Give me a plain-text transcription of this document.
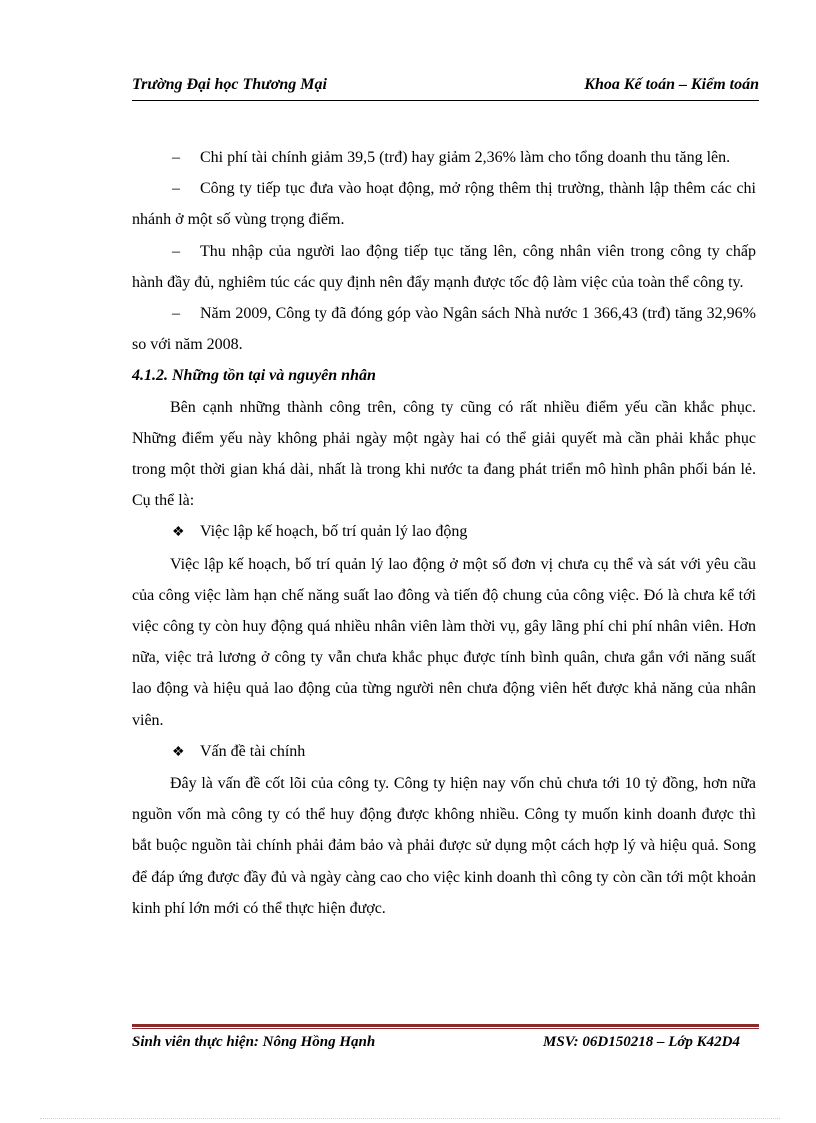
Trường Đại học Thương Mại	Khoa Kế toán – Kiểm toán

– Chi phí tài chính giảm 39,5 (trđ) hay giảm 2,36% làm cho tổng doanh thu tăng lên.

– Công ty tiếp tục đưa vào hoạt động, mở rộng thêm thị trường, thành lập thêm các chi nhánh ở một số vùng trọng điểm.

– Thu nhập của người lao động tiếp tục tăng lên, công nhân viên trong công ty chấp hành đầy đủ, nghiêm túc các quy định nên đẩy mạnh được tốc độ làm việc của toàn thể công ty.

– Năm 2009, Công ty đã đóng góp vào Ngân sách Nhà nước 1 366,43 (trđ) tăng 32,96% so với năm 2008.

4.1.2. Những tồn tại và nguyên nhân

Bên cạnh những thành công trên, công ty cũng có rất nhiều điểm yếu cần khắc phục. Những điểm yếu này không phải ngày một ngày hai có thể giải quyết mà cần phải khắc phục trong một thời gian khá dài, nhất là trong khi nước ta đang phát triển mô hình phân phối bán lẻ. Cụ thể là:

❖ Việc lập kế hoạch, bố trí quản lý lao động

Việc lập kế hoạch, bố trí quản lý lao động ở một số đơn vị chưa cụ thể và sát với yêu cầu của công việc làm hạn chế năng suất lao đông và tiến độ chung của công việc. Đó là chưa kể tới việc công ty còn huy động quá nhiều nhân viên làm thời vụ, gây lãng phí chi phí nhân viên. Hơn nữa, việc trả lương ở công ty vẫn chưa khắc phục được tính bình quân, chưa gắn với năng suất lao động và hiệu quả lao động của từng người nên chưa động viên hết được khả năng của nhân viên.

❖ Vấn đề tài chính

Đây là vấn đề cốt lõi của công ty. Công ty hiện nay vốn chủ chưa tới 10 tỷ đồng, hơn nữa nguồn vốn mà công ty có thể huy động được không nhiều. Công ty muốn kinh doanh được thì bắt buộc nguồn tài chính phải đảm bảo và phải được sử dụng một cách hợp lý và hiệu quả. Song để đáp ứng được đầy đủ và ngày càng cao cho việc kinh doanh thì công ty còn cần tới một khoản kinh phí lớn mới có thể thực hiện được.

Sinh viên thực hiện: Nông Hồng Hạnh	MSV: 06D150218 – Lớp K42D4
